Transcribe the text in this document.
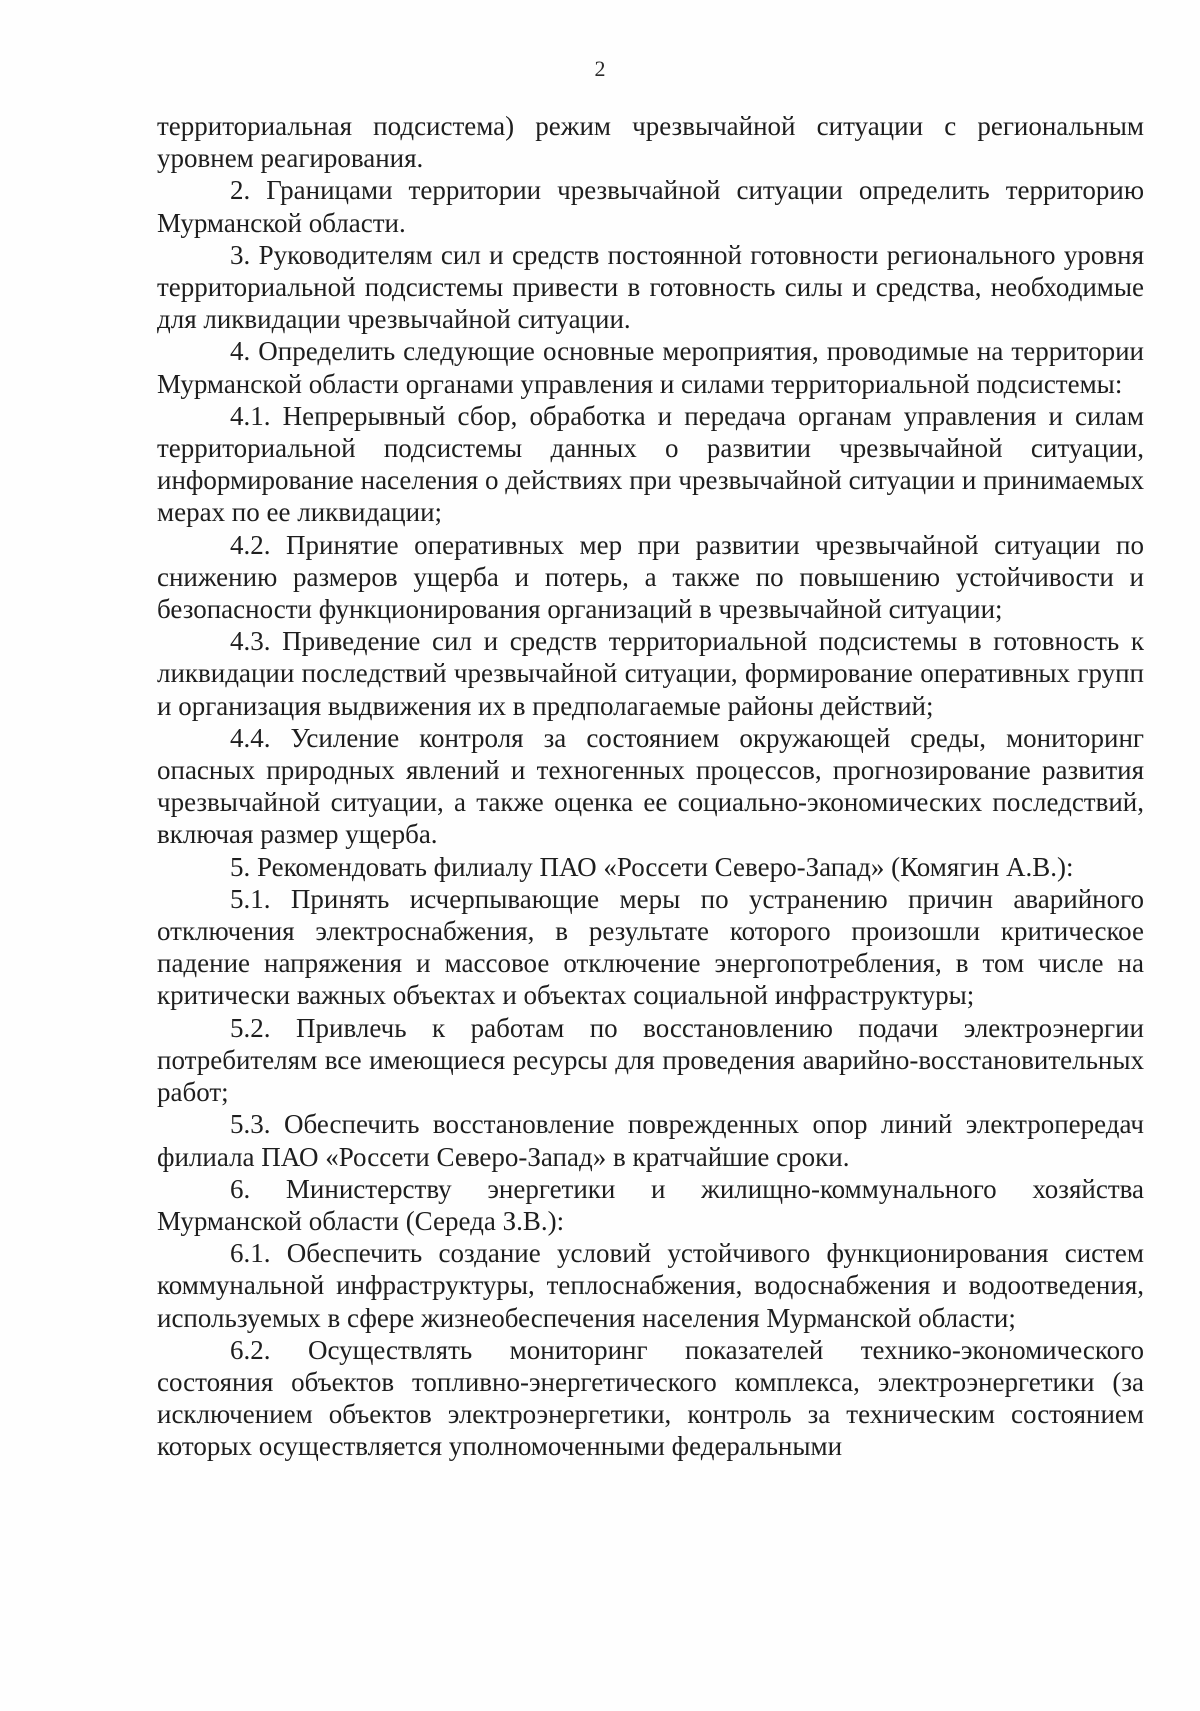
2

территориальная подсистема) режим чрезвычайной ситуации с региональным уровнем реагирования.

2. Границами территории чрезвычайной ситуации определить территорию Мурманской области.

3. Руководителям сил и средств постоянной готовности регионального уровня территориальной подсистемы привести в готовность силы и средства, необходимые для ликвидации чрезвычайной ситуации.

4. Определить следующие основные мероприятия, проводимые на территории Мурманской области органами управления и силами территориальной подсистемы:

4.1. Непрерывный сбор, обработка и передача органам управления и силам территориальной подсистемы данных о развитии чрезвычайной ситуации, информирование населения о действиях при чрезвычайной ситуации и принимаемых мерах по ее ликвидации;

4.2. Принятие оперативных мер при развитии чрезвычайной ситуации по снижению размеров ущерба и потерь, а также по повышению устойчивости и безопасности функционирования организаций в чрезвычайной ситуации;

4.3. Приведение сил и средств территориальной подсистемы в готовность к ликвидации последствий чрезвычайной ситуации, формирование оперативных групп и организация выдвижения их в предполагаемые районы действий;

4.4. Усиление контроля за состоянием окружающей среды, мониторинг опасных природных явлений и техногенных процессов, прогнозирование развития чрезвычайной ситуации, а также оценка ее социально-экономических последствий, включая размер ущерба.

5. Рекомендовать филиалу ПАО «Россети Северо-Запад» (Комягин А.В.):

5.1. Принять исчерпывающие меры по устранению причин аварийного отключения электроснабжения, в результате которого произошли критическое падение напряжения и массовое отключение энергопотребления, в том числе на критически важных объектах и объектах социальной инфраструктуры;

5.2. Привлечь к работам по восстановлению подачи электроэнергии потребителям все имеющиеся ресурсы для проведения аварийно-восстановительных работ;

5.3. Обеспечить восстановление поврежденных опор линий электропередач филиала ПАО «Россети Северо-Запад» в кратчайшие сроки.

6. Министерству энергетики и жилищно-коммунального хозяйства Мурманской области (Середа З.В.):

6.1. Обеспечить создание условий устойчивого функционирования систем коммунальной инфраструктуры, теплоснабжения, водоснабжения и водоотведения, используемых в сфере жизнеобеспечения населения Мурманской области;

6.2. Осуществлять мониторинг показателей технико-экономического состояния объектов топливно-энергетического комплекса, электроэнергетики (за исключением объектов электроэнергетики, контроль за техническим состоянием которых осуществляется уполномоченными федеральными
